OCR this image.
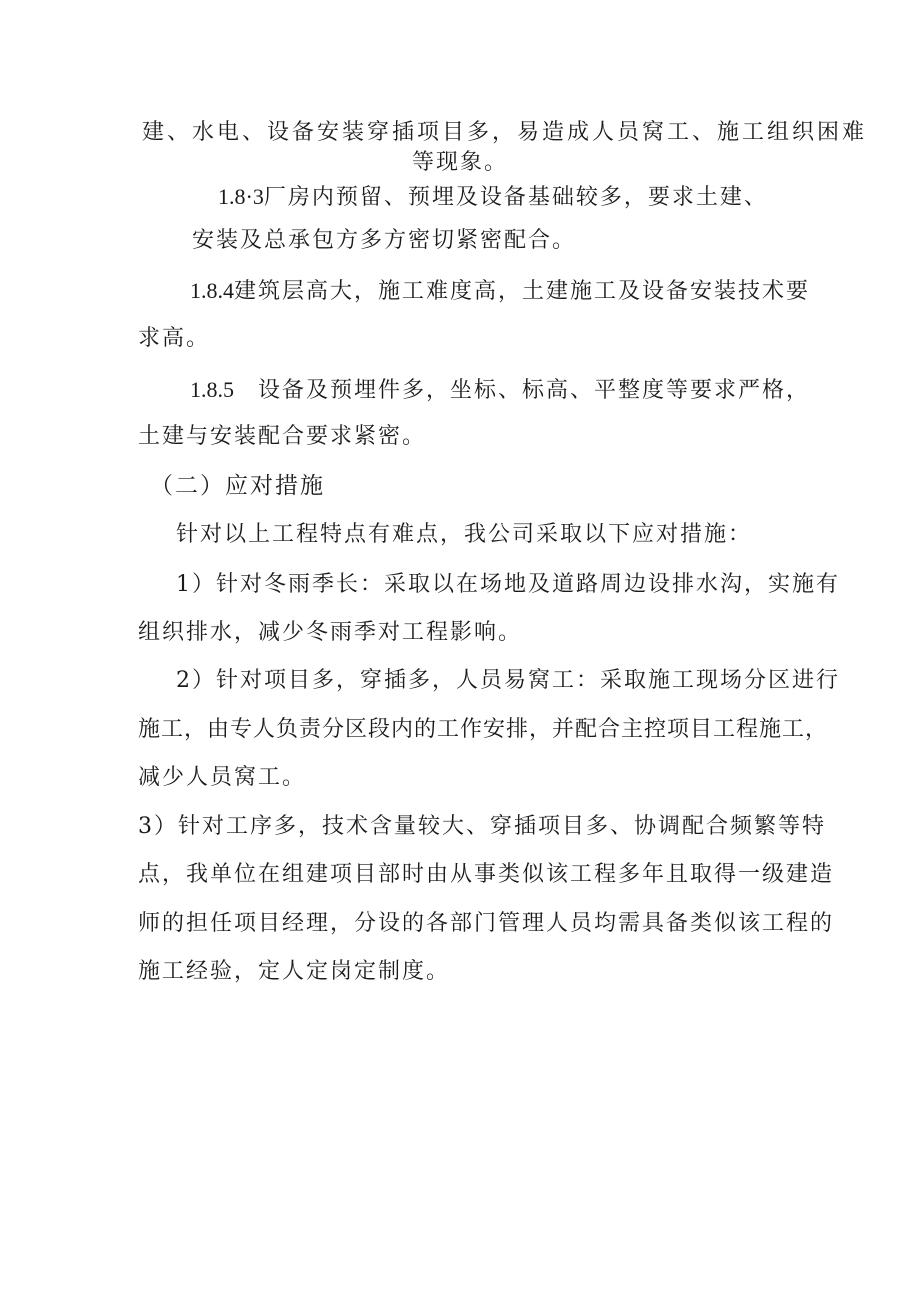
建、水电、设备安装穿插项目多，易造成人员窝工、施工组织困难
等现象。
1.8·3厂房内预留、预埋及设备基础较多，要求土建、
安装及总承包方多方密切紧密配合。
1.8.4建筑层高大，施工难度高，土建施工及设备安装技术要
求高。
1.8.5 设备及预埋件多，坐标、标高、平整度等要求严格，
土建与安装配合要求紧密。
（二）应对措施
针对以上工程特点有难点，我公司采取以下应对措施：
1）针对冬雨季长：采取以在场地及道路周边设排水沟，实施有
组织排水，减少冬雨季对工程影响。
2）针对项目多，穿插多，人员易窝工：采取施工现场分区进行
施工，由专人负责分区段内的工作安排，并配合主控项目工程施工，
减少人员窝工。
3）针对工序多，技术含量较大、穿插项目多、协调配合频繁等特
点，我单位在组建项目部时由从事类似该工程多年且取得一级建造
师的担任项目经理，分设的各部门管理人员均需具备类似该工程的
施工经验，定人定岗定制度。
